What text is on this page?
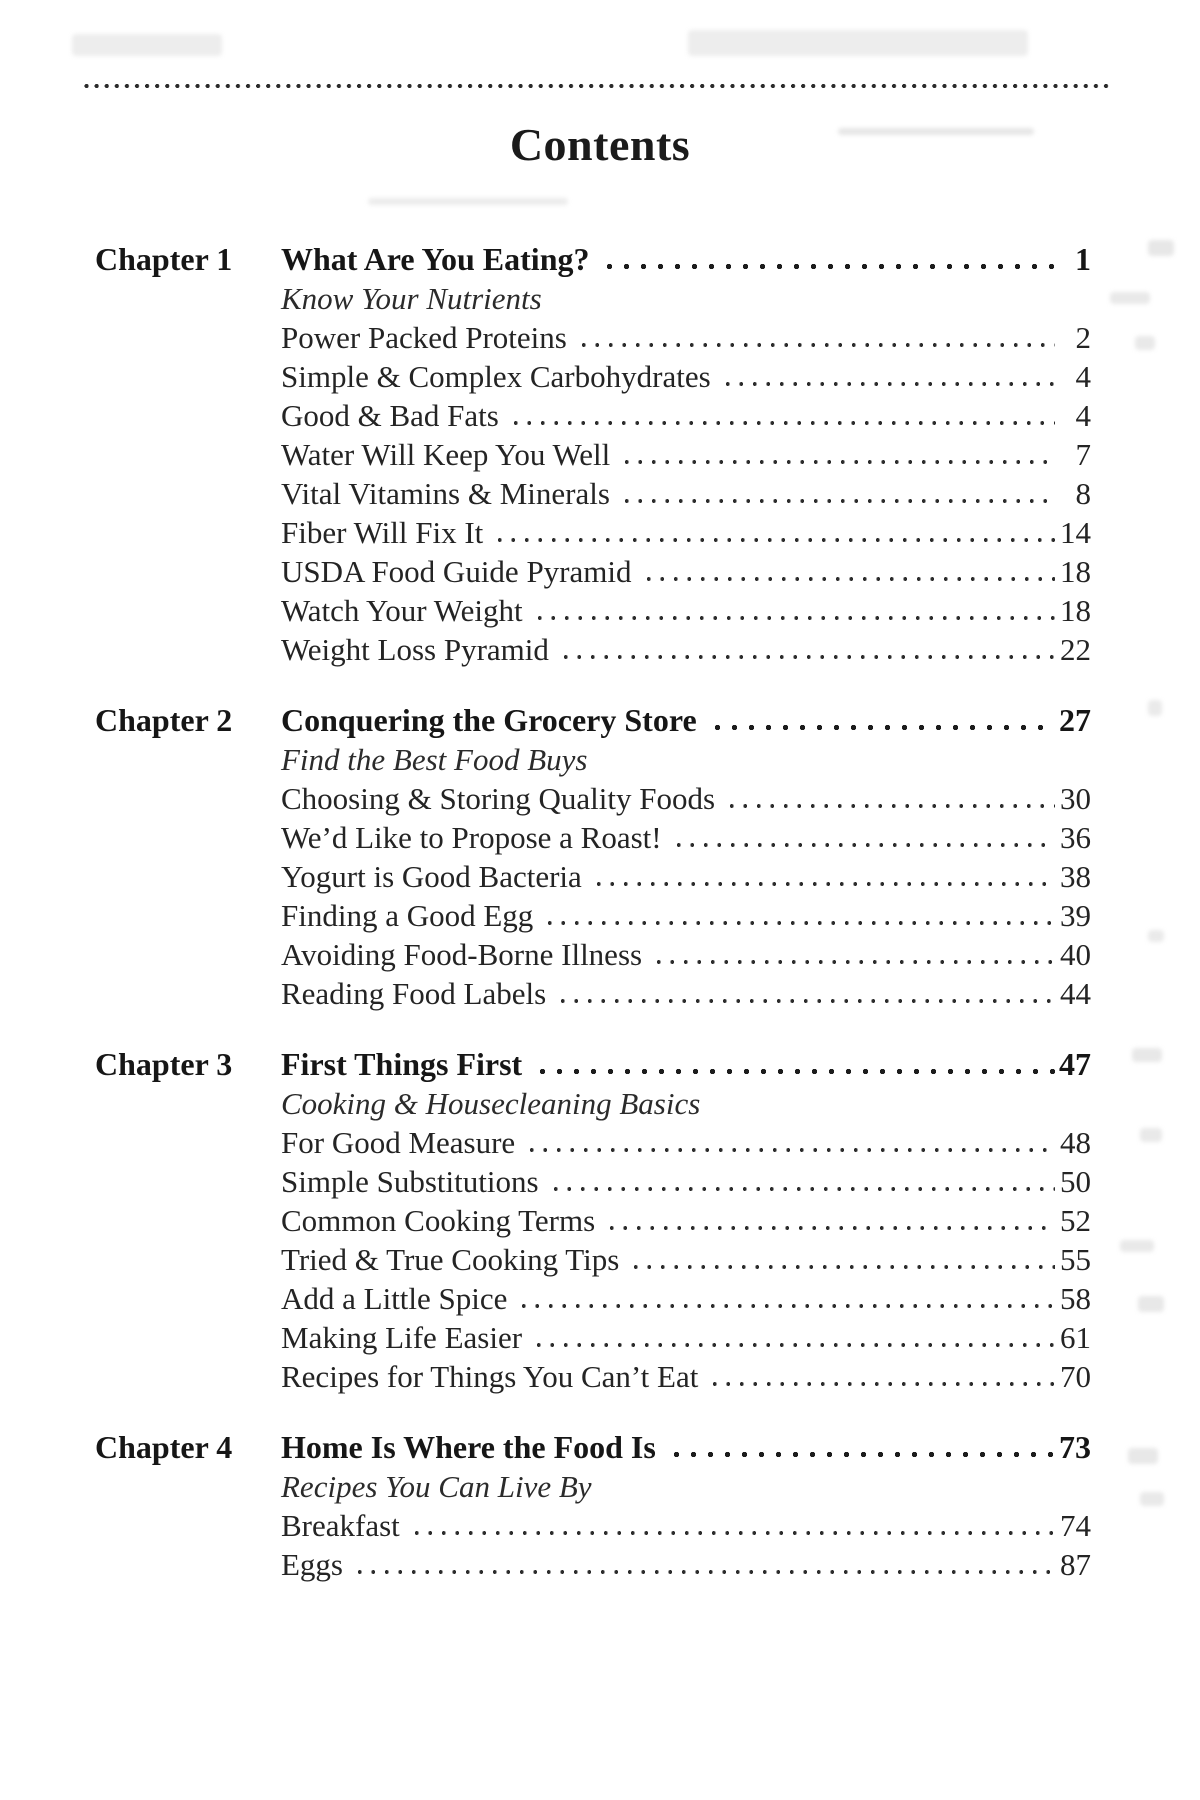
Contents
Chapter 1	What Are You Eating?	1
Know Your Nutrients
Power Packed Proteins	2
Simple & Complex Carbohydrates	4
Good & Bad Fats	4
Water Will Keep You Well	7
Vital Vitamins & Minerals	8
Fiber Will Fix It	14
USDA Food Guide Pyramid	18
Watch Your Weight	18
Weight Loss Pyramid	22
Chapter 2	Conquering the Grocery Store	27
Find the Best Food Buys
Choosing & Storing Quality Foods	30
We’d Like to Propose a Roast!	36
Yogurt is Good Bacteria	38
Finding a Good Egg	39
Avoiding Food-Borne Illness	40
Reading Food Labels	44
Chapter 3	First Things First	47
Cooking & Housecleaning Basics
For Good Measure	48
Simple Substitutions	50
Common Cooking Terms	52
Tried & True Cooking Tips	55
Add a Little Spice	58
Making Life Easier	61
Recipes for Things You Can’t Eat	70
Chapter 4	Home Is Where the Food Is	73
Recipes You Can Live By
Breakfast	74
Eggs	87
